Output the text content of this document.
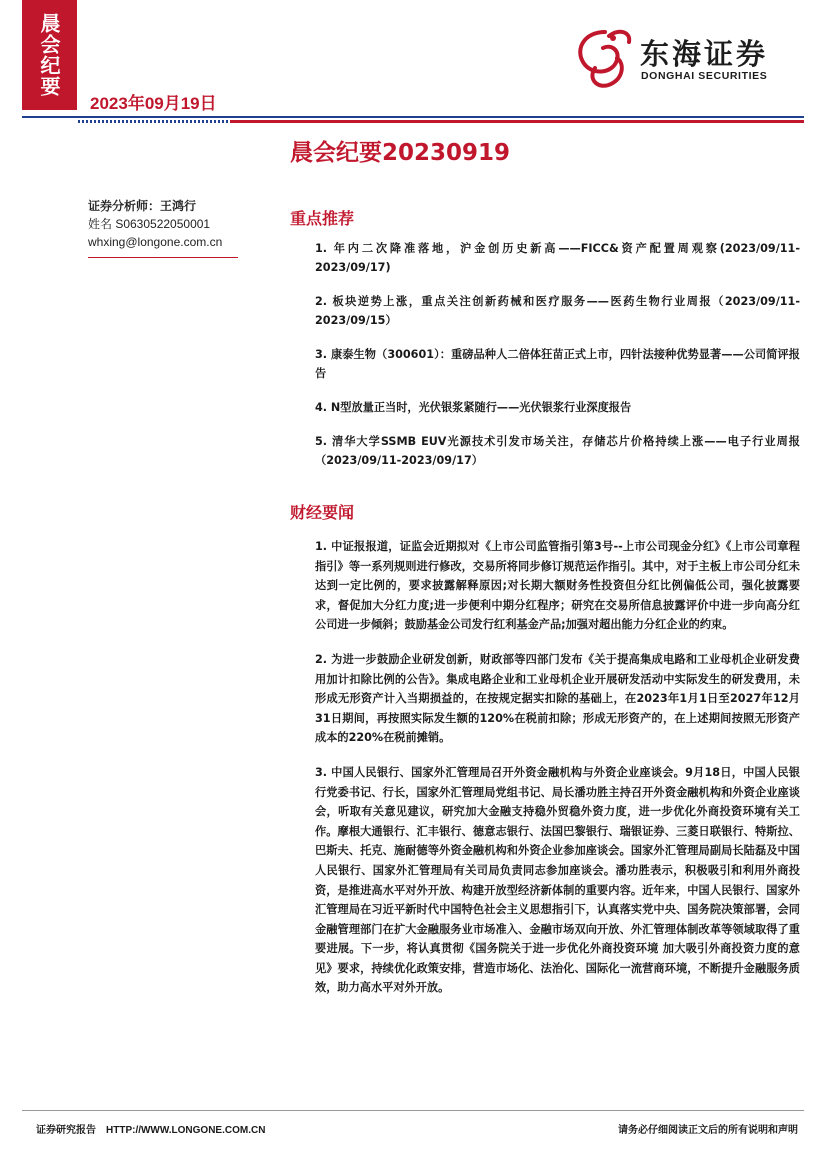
晨会纪要
2023年09月19日
东海证券
DONGHAI SECURITIES
晨会纪要20230919
证券分析师：王鸿行
姓名 S0630522050001
whxing@longone.com.cn
重点推荐
1. 年内二次降准落地，沪金创历史新高——FICC&资产配置周观察(2023/09/11-2023/09/17)
2. 板块逆势上涨，重点关注创新药械和医疗服务——医药生物行业周报（2023/09/11-2023/09/15）
3. 康泰生物（300601）：重磅品种人二倍体狂苗正式上市，四针法接种优势显著——公司简评报告
4. N型放量正当时，光伏银浆紧随行——光伏银浆行业深度报告
5. 清华大学SSMB EUV光源技术引发市场关注，存储芯片价格持续上涨——电子行业周报（2023/09/11-2023/09/17）
财经要闻
1. 中证报报道，证监会近期拟对《上市公司监管指引第3号--上市公司现金分红》《上市公司章程指引》等一系列规则进行修改，交易所将同步修订规范运作指引。其中，对于主板上市公司分红未达到一定比例的，要求披露解释原因;对长期大额财务性投资但分红比例偏低公司，强化披露要求，督促加大分红力度;进一步便利中期分红程序；研究在交易所信息披露评价中进一步向高分红公司进一步倾斜；鼓励基金公司发行红利基金产品;加强对超出能力分红企业的约束。
2. 为进一步鼓励企业研发创新，财政部等四部门发布《关于提高集成电路和工业母机企业研发费用加计扣除比例的公告》。集成电路企业和工业母机企业开展研发活动中实际发生的研发费用，未形成无形资产计入当期损益的，在按规定据实扣除的基础上，在2023年1月1日至2027年12月31日期间，再按照实际发生额的120%在税前扣除；形成无形资产的，在上述期间按照无形资产成本的220%在税前摊销。
3. 中国人民银行、国家外汇管理局召开外资金融机构与外资企业座谈会。9月18日，中国人民银行党委书记、行长，国家外汇管理局党组书记、局长潘功胜主持召开外资金融机构和外资企业座谈会，听取有关意见建议，研究加大金融支持稳外贸稳外资力度，进一步优化外商投资环境有关工作。摩根大通银行、汇丰银行、德意志银行、法国巴黎银行、瑞银证券、三菱日联银行、特斯拉、巴斯夫、托克、施耐德等外资金融机构和外资企业参加座谈会。国家外汇管理局副局长陆磊及中国人民银行、国家外汇管理局有关司局负责同志参加座谈会。潘功胜表示，积极吸引和利用外商投资，是推进高水平对外开放、构建开放型经济新体制的重要内容。近年来，中国人民银行、国家外汇管理局在习近平新时代中国特色社会主义思想指引下，认真落实党中央、国务院决策部署，会同金融管理部门在扩大金融服务业市场准入、金融市场双向开放、外汇管理体制改革等领域取得了重要进展。下一步，将认真贯彻《国务院关于进一步优化外商投资环境 加大吸引外商投资力度的意见》要求，持续优化政策安排，营造市场化、法治化、国际化一流营商环境，不断提升金融服务质效，助力高水平对外开放。
证券研究报告 HTTP://WWW.LONGONE.COM.CN	请务必仔细阅读正文后的所有说明和声明
